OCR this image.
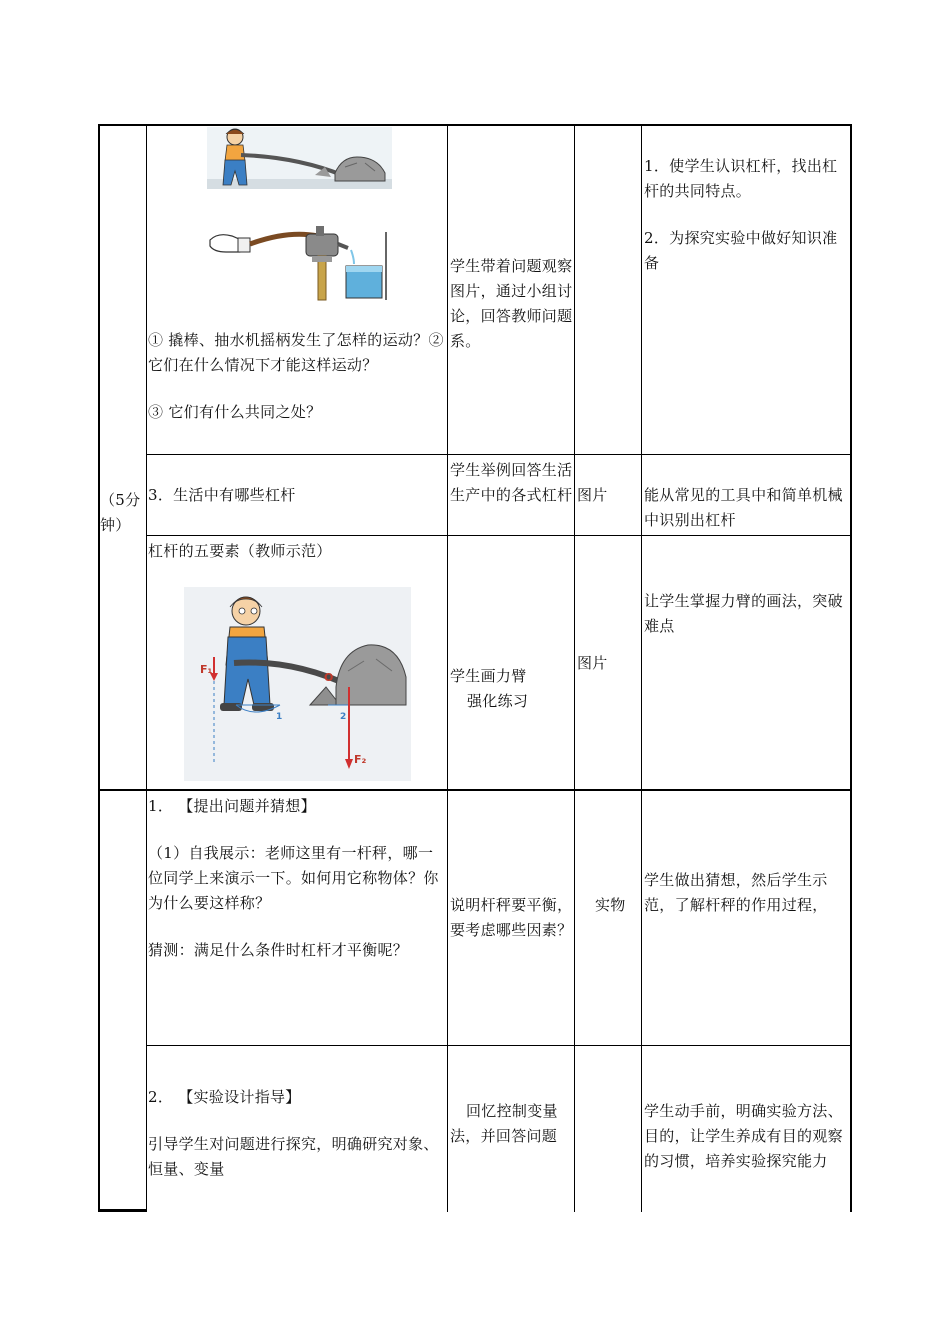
（5分钟）

① 撬棒、抽水机摇柄发生了怎样的运动？②它们在什么情况下才能这样运动？

③ 它们有什么共同之处？

学生带着问题观察图片，通过小组讨论，回答教师问题系。

1．使学生认识杠杆，找出杠杆的共同特点。

2．为探究实验中做好知识准备

3．生活中有哪些杠杆
学生举例回答生活生产中的各式杠杆 图片	能从常见的工具中和简单机械中识别出杠杆
杠杆的五要素（教师示范）
F₁
O
F₂
1	2

学生画力臂

强化练习

图片
让学生掌握力臂的画法，突破难点

1． 【提出问题并猜想】

（1）自我展示：老师这里有一杆秤，哪一位同学上来演示一下。如何用它称物体？你为什么要这样称？

猜测：满足什么条件时杠杆才平衡呢？

说明杆秤要平衡，要考虑哪些因素？
实物
学生做出猜想，然后学生示范，了解杆秤的作用过程，

2． 【实验设计指导】

引导学生对问题进行探究，明确研究对象、恒量、变量

回忆控制变量法，并回答问题
学生动手前，明确实验方法、目的，让学生养成有目的观察的习惯，培养实验探究能力
